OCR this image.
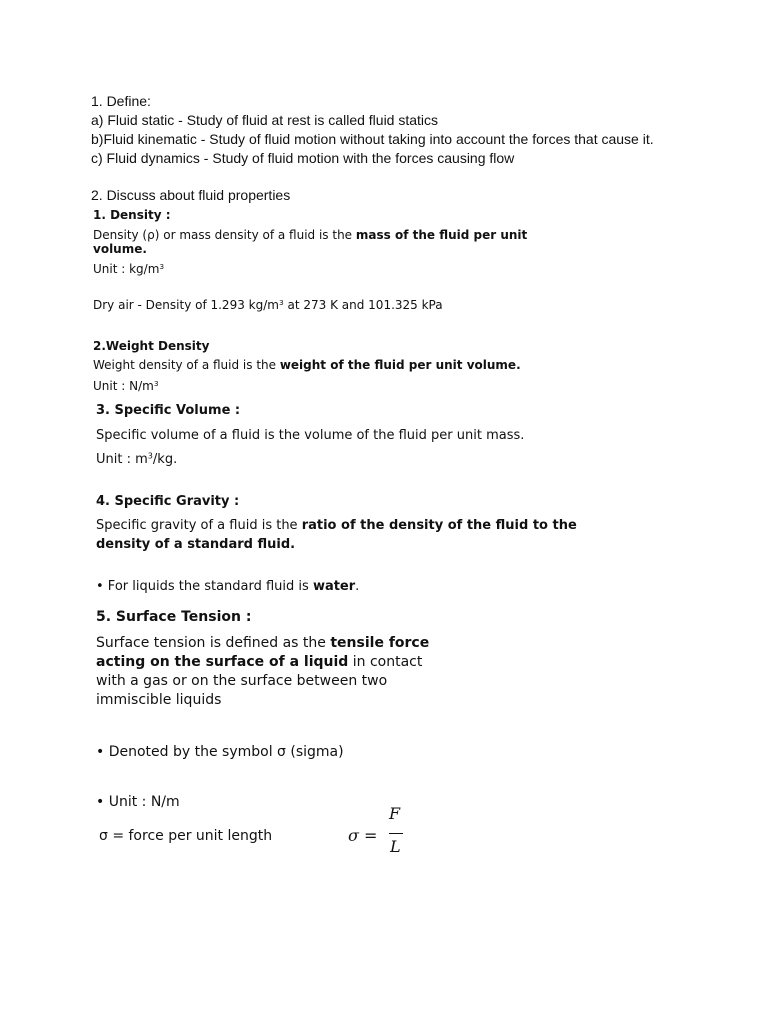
1. Define:
a) Fluid static - Study of fluid at rest is called fluid statics
b)Fluid kinematic - Study of fluid motion without taking into account the forces that cause it.
c) Fluid dynamics - Study of fluid motion with the forces causing flow
2. Discuss about fluid properties
1. Density :
Density (ρ) or mass density of a fluid is the mass of the fluid per unit
volume.
Unit : $kg/m^3$
Dry air - Density of 1.293 $kg/m^3$ at 273 K and 101.325 kPa
2.Weight Density
Weight density of a fluid is the weight of the fluid per unit volume.
Unit : $N/m^3$
3. Specific Volume :
Specific volume of a fluid is the volume of the fluid per unit mass.
Unit : $m^3/kg$.
4. Specific Gravity :
Specific gravity of a fluid is the ratio of the density of the fluid to the
density of a standard fluid.
• For liquids the standard fluid is water.
5. Surface Tension :
Surface tension is defined as the tensile force
acting on the surface of a liquid in contact
with a gas or on the surface between two
immiscible liquids
• Denoted by the symbol σ (sigma)
• Unit : N/m
σ = force per unit length	σ =
F
L
